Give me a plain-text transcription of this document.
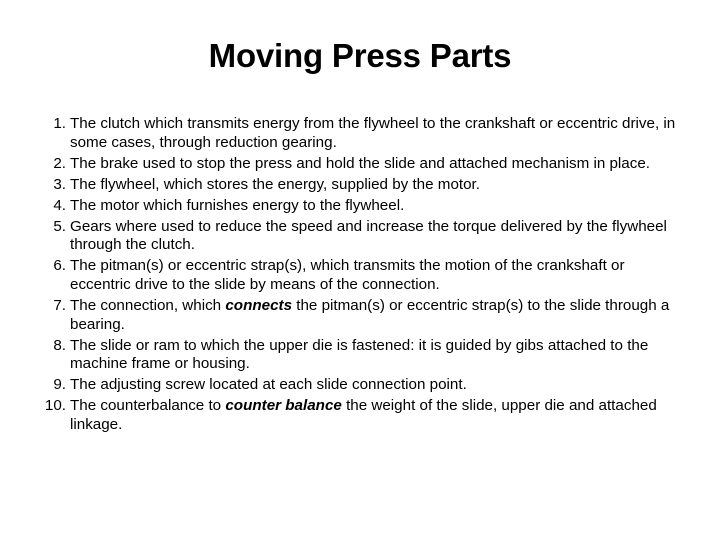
Moving Press Parts
1. The clutch which transmits energy from the flywheel to the crankshaft or eccentric drive, in some cases, through reduction gearing.
2. The brake used to stop the press and hold the slide and attached mechanism in place.
3. The flywheel, which stores the energy, supplied by the motor.
4. The motor which furnishes energy to the flywheel.
5. Gears where used to reduce the speed and increase the torque delivered by the flywheel through the clutch.
6. The pitman(s) or eccentric strap(s), which transmits the motion of the crankshaft or eccentric drive to the slide by means of the connection.
7. The connection, which connects the pitman(s) or eccentric strap(s) to the slide through a bearing.
8. The slide or ram to which the upper die is fastened: it is guided by gibs attached to the machine frame or housing.
9. The adjusting screw located at each slide connection point.
10. The counterbalance to counter balance the weight of the slide, upper die and attached linkage.
